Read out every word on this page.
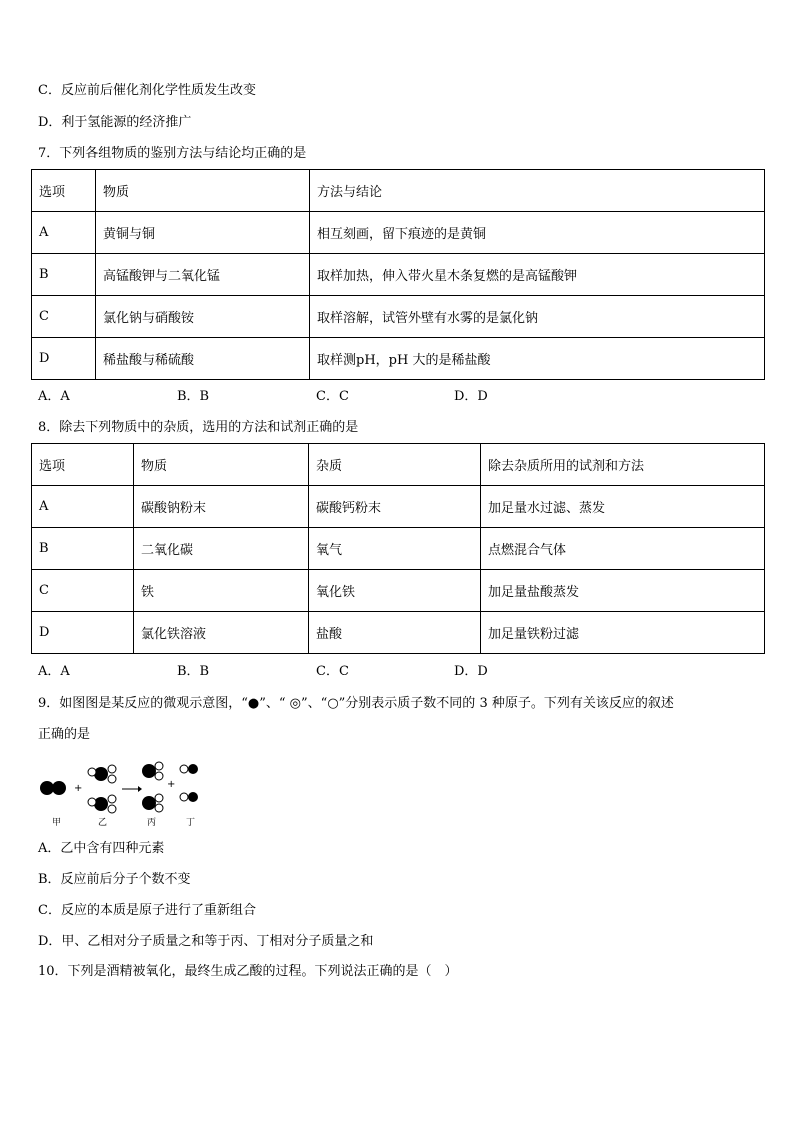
C．反应前后催化剂化学性质发生改变
D．利于氢能源的经济推广
7．下列各组物质的鉴别方法与结论均正确的是
选项	物质	方法与结论
A	黄铜与铜	相互刻画，留下痕迹的是黄铜
B	高锰酸钾与二氧化锰	取样加热，伸入带火星木条复燃的是高锰酸钾
C	氯化钠与硝酸铵	取样溶解，试管外壁有水雾的是氯化钠
D	稀盐酸与稀硫酸	取样测pH，pH 大的是稀盐酸
A．A	B．B	C．C	D．D
8．除去下列物质中的杂质，选用的方法和试剂正确的是
选项	物质	杂质	除去杂质所用的试剂和方法
A	碳酸钠粉末	碳酸钙粉末	加足量水过滤、蒸发
B	二氧化碳	氧气	点燃混合气体
C	铁	氧化铁	加足量盐酸蒸发
D	氯化铁溶液	盐酸	加足量铁粉过滤
A．A	B．B	C．C	D．D
9．如图图是某反应的微观示意图，“●”、“ ◎”、“○”分别表示质子数不同的 3 种原子。下列有关该反应的叙述
正确的是
+	+
甲	乙	丙	丁
A．乙中含有四种元素
B．反应前后分子个数不变
C．反应的本质是原子进行了重新组合
D．甲、乙相对分子质量之和等于丙、丁相对分子质量之和
10．下列是酒精被氧化，最终生成乙酸的过程。下列说法正确的是（　）
